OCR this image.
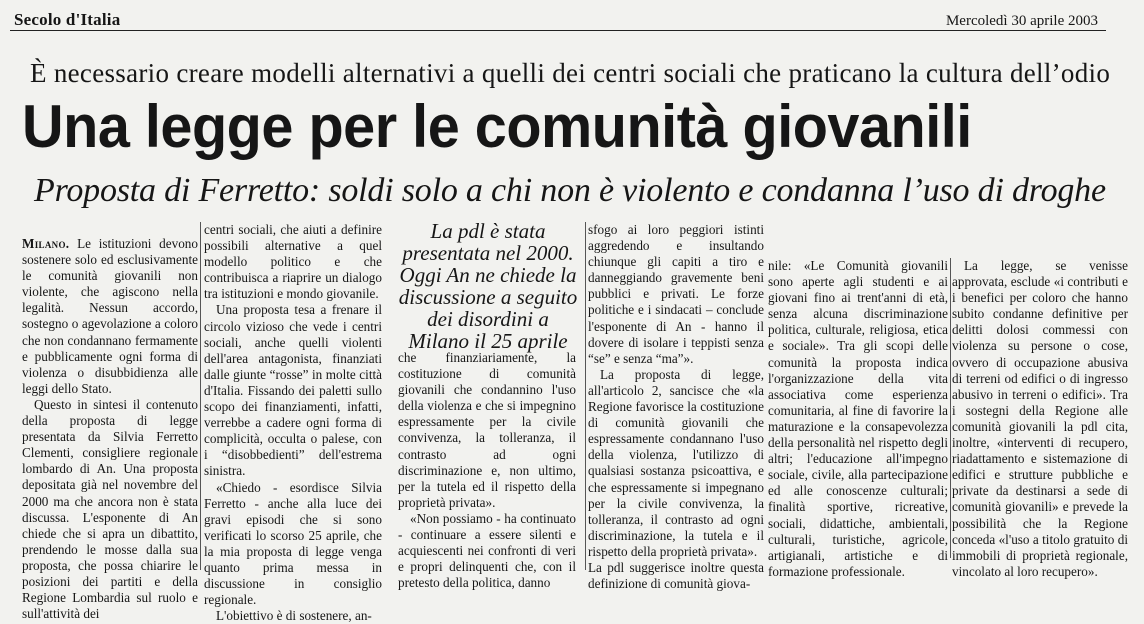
Secolo d'Italia	Mercoledì 30 aprile 2003
È necessario creare modelli alternativi a quelli dei centri sociali che praticano la cultura dell’odio
Una legge per le comunità giovanili
Proposta di Ferretto: soldi solo a chi non è violento e condanna l’uso di droghe

Milano. Le istituzioni devono sostenere solo ed esclusivamente le comunità giovanili non violente, che agiscono nella legalità. Nessun accordo, sostegno o agevolazione a coloro che non condannano fermamente e pubblicamente ogni forma di violenza o disubbidienza alle leggi dello Stato.

Questo in sintesi il contenuto della proposta di legge presentata da Silvia Ferretto Clementi, consigliere regionale lombardo di An. Una proposta depositata già nel novembre del 2000 ma che ancora non è stata discussa. L'esponente di An chiede che si apra un dibattito, prendendo le mosse dalla sua proposta, che possa chiarire le posizioni dei partiti e della Regione Lombardia sul ruolo e sull'attività dei

centri sociali, che aiuti a definire possibili alternative a quel modello politico e che contribuisca a riaprire un dialogo tra istituzioni e mondo giovanile.

Una proposta tesa a frenare il circolo vizioso che vede i centri sociali, anche quelli violenti dell'area antagonista, finanziati dalle giunte “rosse” in molte città d'Italia. Fissando dei paletti sullo scopo dei finanziamenti, infatti, verrebbe a cadere ogni forma di complicità, occulta o palese, con i “disobbedienti” dell'estrema sinistra.

«Chiedo - esordisce Silvia Ferretto - anche alla luce dei gravi episodi che si sono verificati lo scorso 25 aprile, che la mia proposta di legge venga quanto prima messa in discussione in consiglio regionale.

L'obiettivo è di sostenere, an-

La pdl è stata presentata nel 2000. Oggi An ne chiede la discussione a seguito dei disordini a Milano il 25 aprile

che finanziariamente, la costituzione di comunità giovanili che condannino l'uso della violenza e che si impegnino espressamente per la civile convivenza, la tolleranza, il contrasto ad ogni discriminazione e, non ultimo, per la tutela ed il rispetto della proprietà privata».

«Non possiamo - ha continuato - continuare a essere silenti e acquiescenti nei confronti di veri e propri delinquenti che, con il pretesto della politica, danno

sfogo ai loro peggiori istinti aggredendo e insultando chiunque gli capiti a tiro e danneggiando gravemente beni pubblici e privati. Le forze politiche e i sindacati – conclude l'esponente di An - hanno il dovere di isolare i teppisti senza “se” e senza “ma”».

La proposta di legge, all'articolo 2, sancisce che «la Regione favorisce la costituzione di comunità giovanili che espressamente condannano l'uso della violenza, l'utilizzo di qualsiasi sostanza psicoattiva, e che espressamente si impegnano per la civile convivenza, la tolleranza, il contrasto ad ogni discriminazione, la tutela e il rispetto della proprietà privata».

La pdl suggerisce inoltre questa definizione di comunità giova-

nile: «Le Comunità giovanili sono aperte agli studenti e ai giovani fino ai trent'anni di età, senza alcuna discriminazione politica, culturale, religiosa, etica e sociale». Tra gli scopi delle comunità la proposta indica l'organizzazione della vita associativa come esperienza comunitaria, al fine di favorire la maturazione e la consapevolezza della personalità nel rispetto degli altri; l'educazione all'impegno sociale, civile, alla partecipazione ed alle conoscenze culturali; finalità sportive, ricreative, sociali, didattiche, ambientali, culturali, turistiche, agricole, artigianali, artistiche e di formazione professionale.

La legge, se venisse approvata, esclude «i contributi e i benefici per coloro che hanno subito condanne definitive per delitti dolosi commessi con violenza su persone o cose, ovvero di occupazione abusiva di terreni od edifici o di ingresso abusivo in terreni o edifici». Tra i sostegni della Regione alle comunità giovanili la pdl cita, inoltre, «interventi di recupero, riadattamento e sistemazione di edifici e strutture pubbliche e private da destinarsi a sede di comunità giovanili» e prevede la possibilità che la Regione conceda «l'uso a titolo gratuito di immobili di proprietà regionale, vincolato al loro recupero».
